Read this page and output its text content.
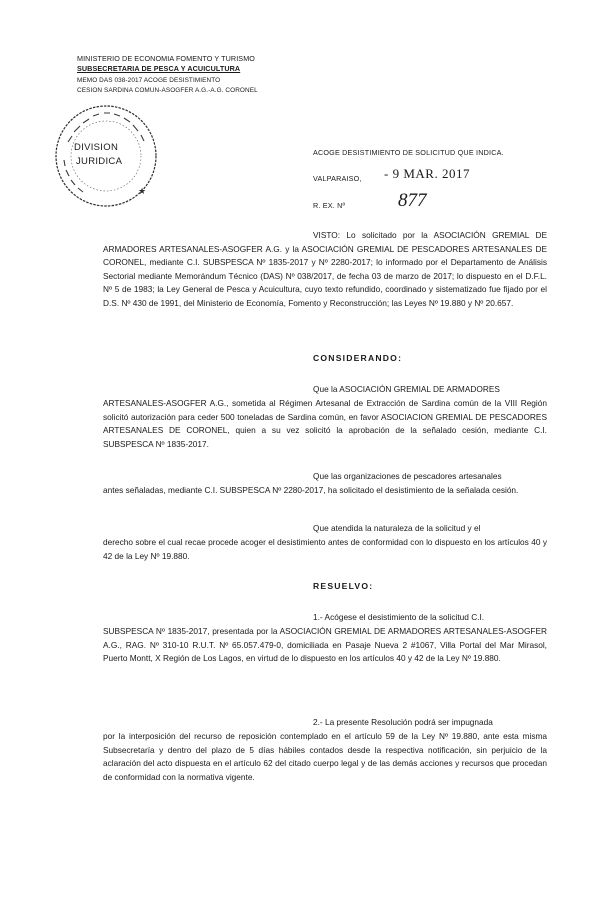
MINISTERIO DE ECONOMIA FOMENTO Y TURISMO
SUBSECRETARIA DE PESCA Y ACUICULTURA
MEMO DAS 038-2017 ACOGE DESISTIMIENTO
CESION SARDINA COMUN-ASOGFER A.G.-A.G. CORONEL
★
DIVISION
JURIDICA
ACOGE DESISTIMIENTO DE SOLICITUD QUE INDICA.
VALPARAISO, - 9 MAR. 2017
R. EX. Nº	877
VISTO: Lo solicitado por la ASOCIACIÓN GREMIAL DE ARMADORES ARTESANALES-ASOGFER A.G. y la ASOCIACIÓN GREMIAL DE PESCADORES ARTESANALES DE CORONEL, mediante C.I. SUBSPESCA Nº 1835-2017 y Nº 2280-2017; lo informado por el Departamento de Análisis Sectorial mediante Memorándum Técnico (DAS) Nº 038/2017, de fecha 03 de marzo de 2017; lo dispuesto en el D.F.L. Nº 5 de 1983; la Ley General de Pesca y Acuicultura, cuyo texto refundido, coordinado y sistematizado fue fijado por el D.S. Nº 430 de 1991, del Ministerio de Economía, Fomento y Reconstrucción; las Leyes Nº 19.880 y Nº 20.657.
CONSIDERANDO:
Que la ASOCIACIÓN GREMIAL DE ARMADORES
ARTESANALES-ASOGFER A.G., sometida al Régimen Artesanal de Extracción de Sardina común de la VIII Región solicitó autorización para ceder 500 toneladas de Sardina común, en favor ASOCIACION GREMIAL DE PESCADORES ARTESANALES DE CORONEL, quien a su vez solicitó la aprobación de la señalado cesión, mediante C.I. SUBSPESCA Nº 1835-2017.
Que las organizaciones de pescadores artesanales
antes señaladas, mediante C.I. SUBSPESCA Nº 2280-2017, ha solicitado el desistimiento de la señalada cesión.
Que atendida la naturaleza de la solicitud y el
derecho sobre el cual recae procede acoger el desistimiento antes de conformidad con lo dispuesto en los artículos 40 y 42 de la Ley Nº 19.880.
RESUELVO:
1.- Acógese el desistimiento de la solicitud C.I.
SUBSPESCA Nº 1835-2017, presentada por la ASOCIACIÓN GREMIAL DE ARMADORES ARTESANALES-ASOGFER A.G., RAG. Nº 310-10 R.U.T. Nº 65.057.479-0, domiciliada en Pasaje Nueva 2 #1067, Villa Portal del Mar Mirasol, Puerto Montt, X Región de Los Lagos, en virtud de lo dispuesto en los artículos 40 y 42 de la Ley Nº 19.880.
2.- La presente Resolución podrá ser impugnada
por la interposición del recurso de reposición contemplado en el artículo 59 de la Ley Nº 19.880, ante esta misma Subsecretaría y dentro del plazo de 5 días hábiles contados desde la respectiva notificación, sin perjuicio de la aclaración del acto dispuesta en el artículo 62 del citado cuerpo legal y de las demás acciones y recursos que procedan de conformidad con la normativa vigente.
